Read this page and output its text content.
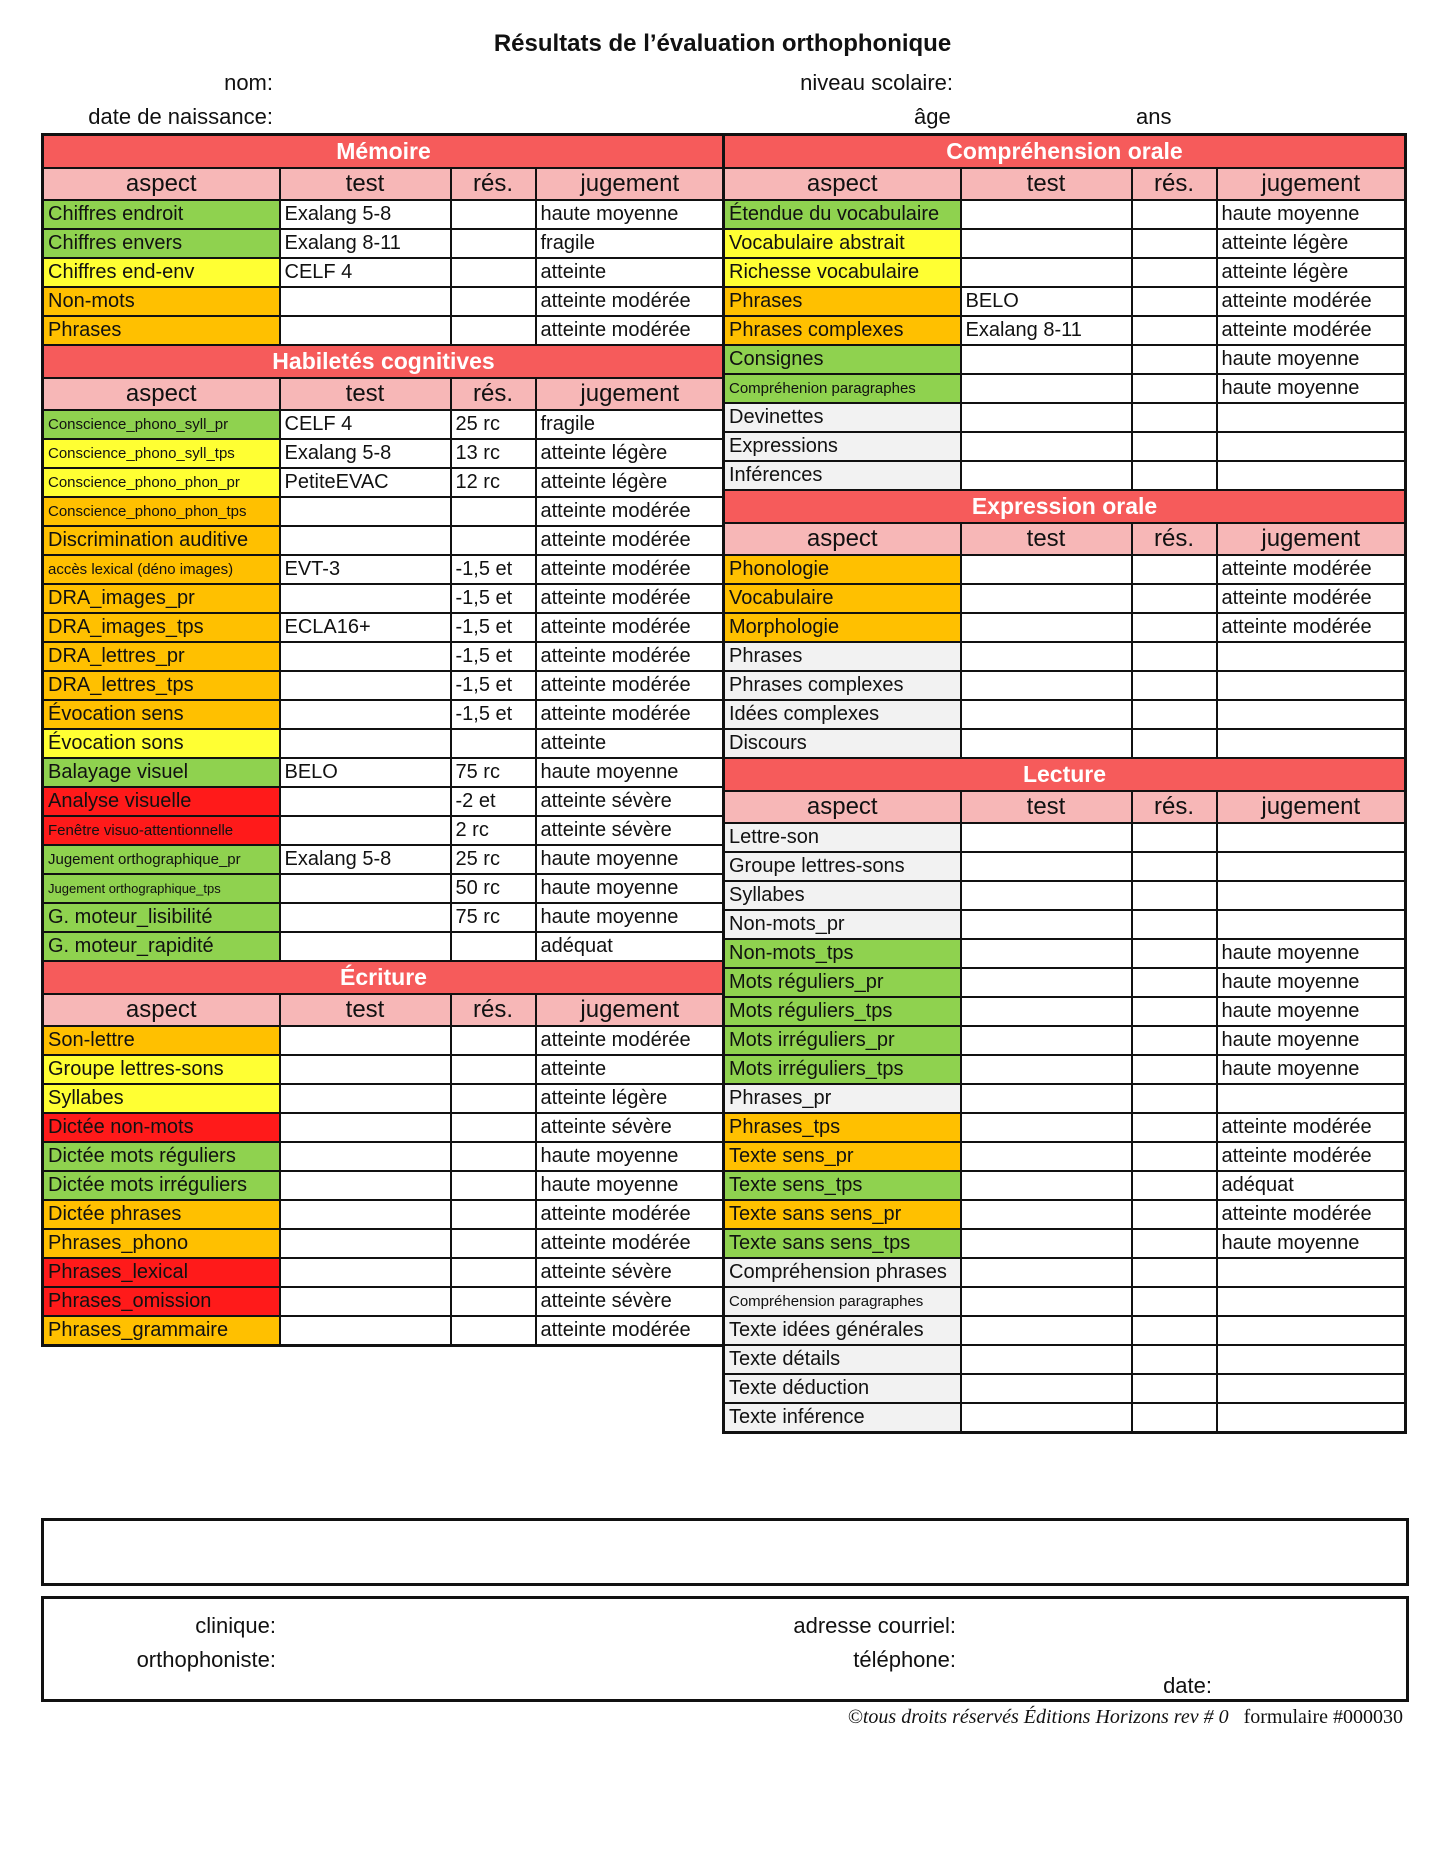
Résultats de l’évaluation orthophonique
nom:
date de naissance:
niveau scolaire:
âge	ans
Mémoire			
aspect	test	rés.	jugement
Chiffres endroit	Exalang 5-8		haute moyenne
Chiffres envers	Exalang 8-11		fragile
Chiffres end-env	CELF 4		atteinte
Non-mots			atteinte modérée
Phrases			atteinte modérée
Habiletés cognitives			
aspect	test	rés.	jugement
Conscience_phono_syll_pr	CELF 4	25 rc	fragile
Conscience_phono_syll_tps	Exalang 5-8	13 rc	atteinte légère
Conscience_phono_phon_pr	PetiteEVAC	12 rc	atteinte légère
Conscience_phono_phon_tps			atteinte modérée
Discrimination auditive			atteinte modérée
accès lexical (déno images)	EVT-3	-1,5 et	atteinte modérée
DRA_images_pr		-1,5 et	atteinte modérée
DRA_images_tps	ECLA16+	-1,5 et	atteinte modérée
DRA_lettres_pr		-1,5 et	atteinte modérée
DRA_lettres_tps		-1,5 et	atteinte modérée
Évocation sens		-1,5 et	atteinte modérée
Évocation sons			atteinte
Balayage visuel	BELO	75 rc	haute moyenne
Analyse visuelle		-2 et	atteinte sévère
Fenêtre visuo-attentionnelle		2 rc	atteinte sévère
Jugement orthographique_pr	Exalang 5-8	25 rc	haute moyenne
Jugement orthographique_tps		50 rc	haute moyenne
G. moteur_lisibilité		75 rc	haute moyenne
G. moteur_rapidité			adéquat
Écriture			
aspect	test	rés.	jugement
Son-lettre			atteinte modérée
Groupe lettres-sons			atteinte
Syllabes			atteinte légère
Dictée non-mots			atteinte sévère
Dictée mots réguliers			haute moyenne
Dictée mots irréguliers			haute moyenne
Dictée phrases			atteinte modérée
Phrases_phono			atteinte modérée
Phrases_lexical			atteinte sévère
Phrases_omission			atteinte sévère
Phrases_grammaire			atteinte modérée
Compréhension orale			
aspect	test	rés.	jugement
Étendue du vocabulaire			haute moyenne
Vocabulaire abstrait			atteinte légère
Richesse vocabulaire			atteinte légère
Phrases	BELO		atteinte modérée
Phrases complexes	Exalang 8-11		atteinte modérée
Consignes			haute moyenne
Compréhenion paragraphes			haute moyenne
Devinettes			
Expressions			
Inférences			
Expression orale			
aspect	test	rés.	jugement
Phonologie			atteinte modérée
Vocabulaire			atteinte modérée
Morphologie			atteinte modérée
Phrases			
Phrases complexes			
Idées complexes			
Discours			
Lecture			
aspect	test	rés.	jugement
Lettre-son			
Groupe lettres-sons			
Syllabes			
Non-mots_pr			
Non-mots_tps			haute moyenne
Mots réguliers_pr			haute moyenne
Mots réguliers_tps			haute moyenne
Mots irréguliers_pr			haute moyenne
Mots irréguliers_tps			haute moyenne
Phrases_pr			
Phrases_tps			atteinte modérée
Texte sens_pr			atteinte modérée
Texte sens_tps			adéquat
Texte sans sens_pr			atteinte modérée
Texte sans sens_tps			haute moyenne
Compréhension phrases			
Compréhension paragraphes			
Texte idées générales			
Texte détails			
Texte déduction			
Texte inférence			
clinique:
orthophoniste:
adresse courriel:
téléphone:
date:
©tous droits réservés Éditions Horizons rev # 0 formulaire #000030
